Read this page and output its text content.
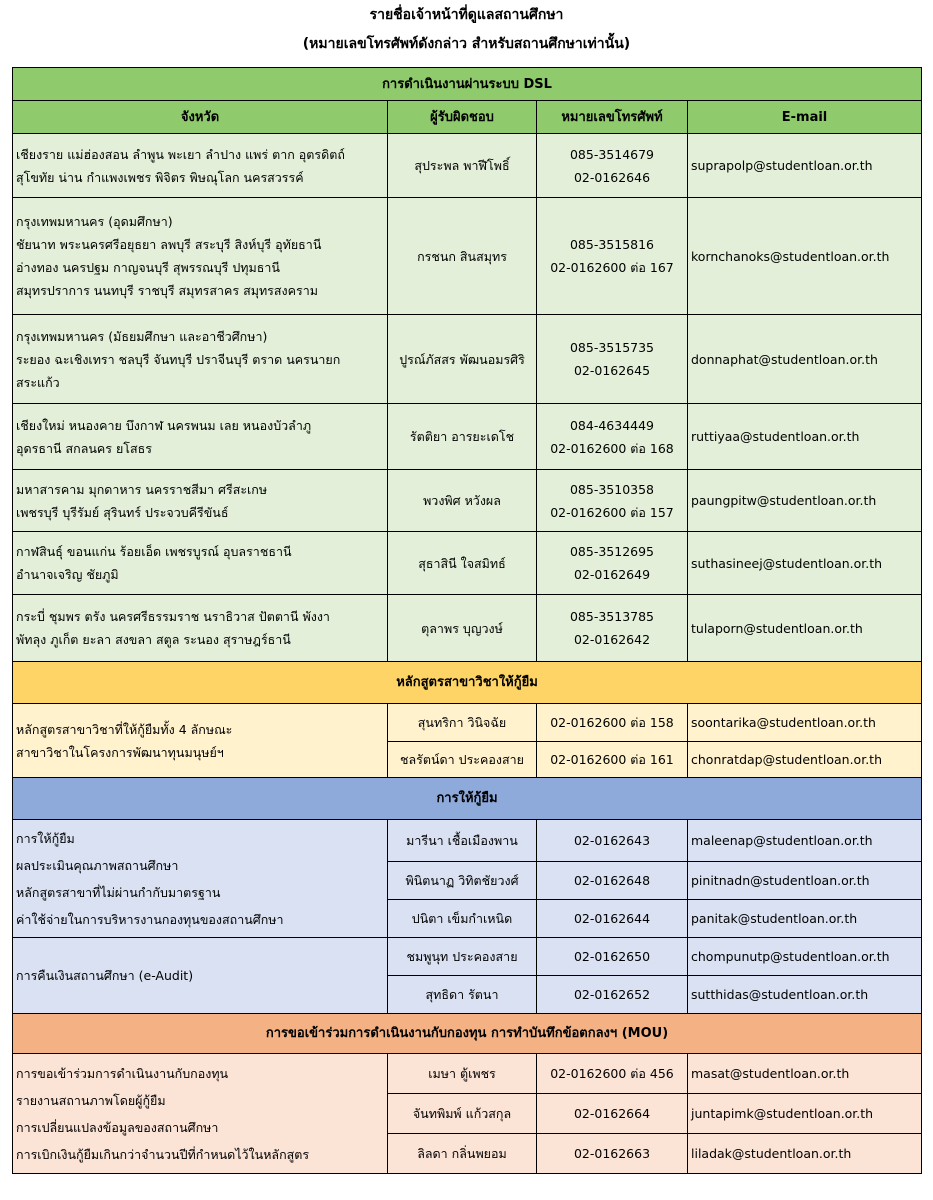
รายชื่อเจ้าหน้าที่ดูแลสถานศึกษา
(หมายเลขโทรศัพท์ดังกล่าว สำหรับสถานศึกษาเท่านั้น)
การดำเนินงานผ่านระบบ DSL			
จังหวัด	ผู้รับผิดชอบ	หมายเลขโทรศัพท์	E-mail

เชียงราย แม่ฮ่องสอน ลำพูน พะเยา ลำปาง แพร่ ตาก อุตรดิตถ์
สุโขทัย น่าน กำแพงเพชร พิจิตร พิษณุโลก นครสวรรค์	สุประพล พาฬีโพธิ์	085-3514679
02-0162646	suprapolp@studentloan.or.th

กรุงเทพมหานคร (อุดมศึกษา)
ชัยนาท พระนครศรีอยุธยา ลพบุรี สระบุรี สิงห์บุรี อุทัยธานี
อ่างทอง นครปฐม กาญจนบุรี สุพรรณบุรี ปทุมธานี
สมุทรปราการ นนทบุรี ราชบุรี สมุทรสาคร สมุทรสงคราม	กรชนก สินสมุทร	085-3515816
02-0162600 ต่อ 167	kornchanoks@studentloan.or.th

กรุงเทพมหานคร (มัธยมศึกษา และอาชีวศึกษา)
ระยอง ฉะเชิงเทรา ชลบุรี จันทบุรี ปราจีนบุรี ตราด นครนายก
สระแก้ว	ปูรณ์ภัสสร พัฒนอมรศิริ	085-3515735
02-0162645	donnaphat@studentloan.or.th

เชียงใหม่ หนองคาย บึงกาฬ นครพนม เลย หนองบัวลำภู
อุดรธานี สกลนคร ยโสธร	รัตติยา อารยะเดโช	084-4634449
02-0162600 ต่อ 168	ruttiyaa@studentloan.or.th

มหาสารคาม มุกดาหาร นครราชสีมา ศรีสะเกษ
เพชรบุรี บุรีรัมย์ สุรินทร์ ประจวบคีรีขันธ์	พวงพิศ หวังผล	085-3510358
02-0162600 ต่อ 157	paungpitw@studentloan.or.th

กาฬสินธุ์ ขอนแก่น ร้อยเอ็ด เพชรบูรณ์ อุบลราชธานี
อำนาจเจริญ ชัยภูมิ	สุธาสินี ใจสมิทธ์	085-3512695
02-0162649	suthasineej@studentloan.or.th

กระบี่ ชุมพร ตรัง นครศรีธรรมราช นราธิวาส ปัตตานี พังงา
พัทลุง ภูเก็ต ยะลา สงขลา สตูล ระนอง สุราษฎร์ธานี	ตุลาพร บุญวงษ์	085-3513785
02-0162642	tulaporn@studentloan.or.th
หลักสูตรสาขาวิชาให้กู้ยืม			

หลักสูตรสาขาวิชาที่ให้กู้ยืมทั้ง 4 ลักษณะ
สาขาวิชาในโครงการพัฒนาทุนมนุษย์ฯ	สุนทริกา วินิจฉัย	02-0162600 ต่อ 158	soontarika@studentloan.or.th
	ชลรัตน์ดา ประคองสาย	02-0162600 ต่อ 161	chonratdap@studentloan.or.th
การให้กู้ยืม			

การให้กู้ยืม
ผลประเมินคุณภาพสถานศึกษา
หลักสูตรสาขาที่ไม่ผ่านกำกับมาตรฐาน
ค่าใช้จ่ายในการบริหารงานกองทุนของสถานศึกษา	มารีนา เชื้อเมืองพาน	02-0162643	maleenap@studentloan.or.th
	พินิตนาฏ วิทิตชัยวงศ์	02-0162648	pinitnadn@studentloan.or.th
	ปนิตา เข็มกำเหนิด	02-0162644	panitak@studentloan.or.th
การคืนเงินสถานศึกษา (e-Audit)	ชมพูนุท ประคองสาย	02-0162650	chompunutp@studentloan.or.th
	สุทธิดา รัตนา	02-0162652	sutthidas@studentloan.or.th
การขอเข้าร่วมการดำเนินงานกับกองทุน การทำบันทึกข้อตกลงฯ (MOU)			

การขอเข้าร่วมการดำเนินงานกับกองทุน
รายงานสถานภาพโดยผู้กู้ยืม
การเปลี่ยนแปลงข้อมูลของสถานศึกษา
การเบิกเงินกู้ยืมเกินกว่าจำนวนปีที่กำหนดไว้ในหลักสูตร	เมษา ตู้เพชร	02-0162600 ต่อ 456	masat@studentloan.or.th
	จันทพิมพ์ แก้วสกุล	02-0162664	juntapimk@studentloan.or.th
	ลิลดา กลิ่นพยอม	02-0162663	liladak@studentloan.or.th
